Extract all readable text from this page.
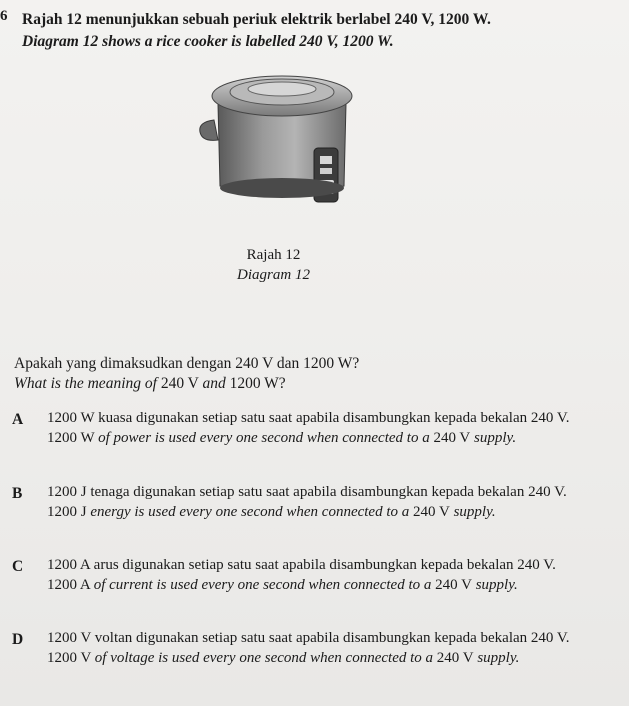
6 Rajah 12 menunjukkan sebuah periuk elektrik berlabel 240 V, 1200 W.
Diagram 12 shows a rice cooker is labelled 240 V, 1200 W.
Rajah 12
Diagram 12
Apakah yang dimaksudkan dengan 240 V dan 1200 W?
What is the meaning of 240 V and 1200 W?
A 1200 W kuasa digunakan setiap satu saat apabila disambungkan kepada bekalan 240 V.
1200 W of power is used every one second when connected to a 240 V supply.
B 1200 J tenaga digunakan setiap satu saat apabila disambungkan kepada bekalan 240 V.
1200 J energy is used every one second when connected to a 240 V supply.
C 1200 A arus digunakan setiap satu saat apabila disambungkan kepada bekalan 240 V.
1200 A of current is used every one second when connected to a 240 V supply.
D 1200 V voltan digunakan setiap satu saat apabila disambungkan kepada bekalan 240 V.
1200 V of voltage is used every one second when connected to a 240 V supply.
